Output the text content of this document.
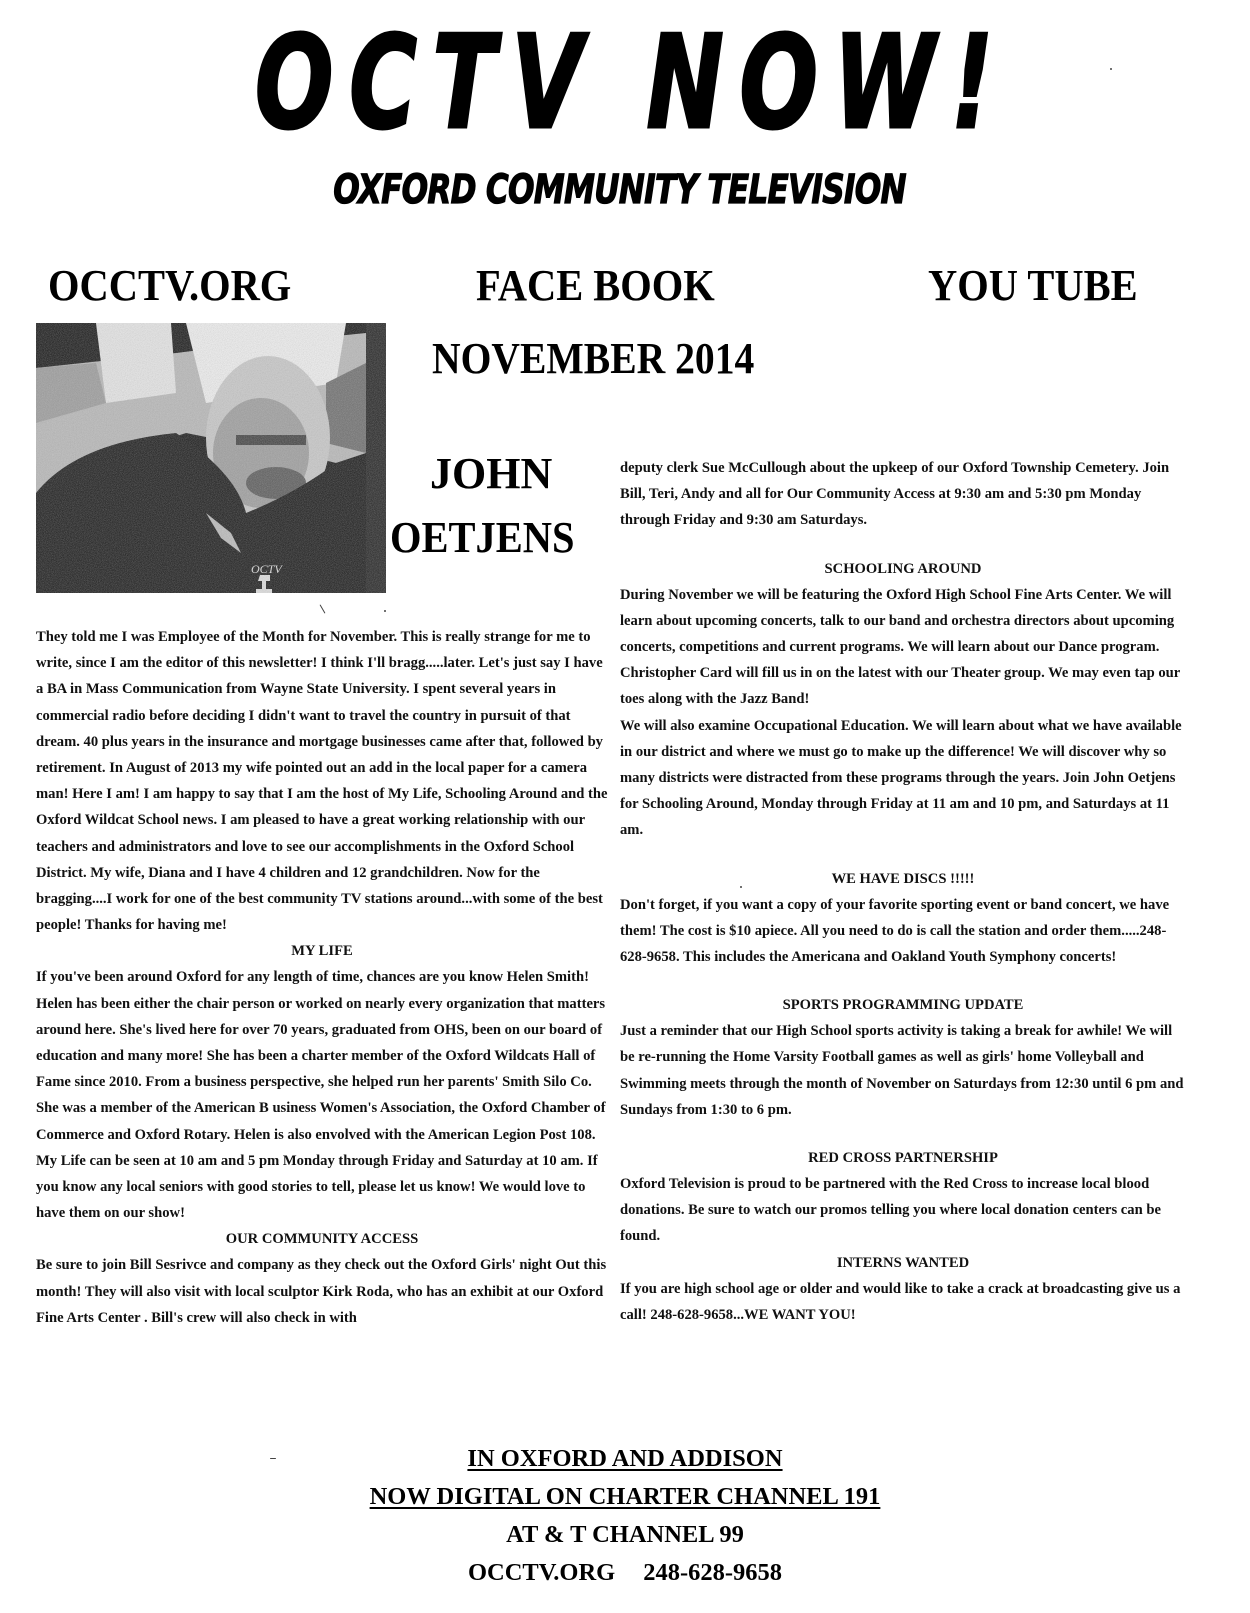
OCTV NOW!
OXFORD COMMUNITY TELEVISION
OCCTV.ORG	FACE BOOK	YOU TUBE
NOVEMBER 2014
JOHN
OETJENS

They told me I was Employee of the Month for November. This is really strange for me to write, since I am the editor of this newsletter! I think I'll bragg.....later. Let's just say I have a BA in Mass Communication from Wayne State University. I spent several years in commercial radio before deciding I didn't want to travel the country in pursuit of that dream. 40 plus years in the insurance and mortgage businesses came after that, followed by retirement. In August of 2013 my wife pointed out an add in the local paper for a camera man! Here I am! I am happy to say that I am the host of My Life, Schooling Around and the Oxford Wildcat School news. I am pleased to have a great working relationship with our teachers and administrators and love to see our accomplishments in the Oxford School District. My wife, Diana and I have 4 children and 12 grandchildren. Now for the bragging....I work for one of the best community TV stations around...with some of the best people! Thanks for having me!

MY LIFE

If you've been around Oxford for any length of time, chances are you know Helen Smith! Helen has been either the chair person or worked on nearly every organization that matters around here. She's lived here for over 70 years, graduated from OHS, been on our board of education and many more! She has been a charter member of the Oxford Wildcats Hall of Fame since 2010. From a business perspective, she helped run her parents' Smith Silo Co. She was a member of the American B usiness Women's Association, the Oxford Chamber of Commerce and Oxford Rotary. Helen is also envolved with the American Legion Post 108. My Life can be seen at 10 am and 5 pm Monday through Friday and Saturday at 10 am. If you know any local seniors with good stories to tell, please let us know! We would love to have them on our show!

OUR COMMUNITY ACCESS

Be sure to join Bill Sesrivce and company as they check out the Oxford Girls' night Out this month! They will also visit with local sculptor Kirk Roda, who has an exhibit at our Oxford Fine Arts Center . Bill's crew will also check in with

deputy clerk Sue McCullough about the upkeep of our Oxford Township Cemetery. Join Bill, Teri, Andy and all for Our Community Access at 9:30 am and 5:30 pm Monday through Friday and 9:30 am Saturdays.

SCHOOLING AROUND

During November we will be featuring the Oxford High School Fine Arts Center. We will learn about upcoming concerts, talk to our band and orchestra directors about upcoming concerts, competitions and current programs. We will learn about our Dance program. Christopher Card will fill us in on the latest with our Theater group. We may even tap our toes along with the Jazz Band!

We will also examine Occupational Education. We will learn about what we have available in our district and where we must go to make up the difference! We will discover why so many districts were distracted from these programs through the years. Join John Oetjens for Schooling Around, Monday through Friday at 11 am and 10 pm, and Saturdays at 11 am.

WE HAVE DISCS !!!!!

Don't forget, if you want a copy of your favorite sporting event or band concert, we have them! The cost is $10 apiece. All you need to do is call the station and order them.....248-628-9658. This includes the Americana and Oakland Youth Symphony concerts!

SPORTS PROGRAMMING UPDATE

Just a reminder that our High School sports activity is taking a break for awhile! We will be re-running the Home Varsity Football games as well as girls' home Volleyball and Swimming meets through the month of November on Saturdays from 12:30 until 6 pm and Sundays from 1:30 to 6 pm.

RED CROSS PARTNERSHIP

Oxford Television is proud to be partnered with the Red Cross to increase local blood donations. Be sure to watch our promos telling you where local donation centers can be found.

INTERNS WANTED

If you are high school age or older and would like to take a crack at broadcasting give us a call! 248-628-9658...WE WANT YOU!

IN OXFORD AND ADDISON
NOW DIGITAL ON CHARTER CHANNEL 191
AT & T CHANNEL 99
OCCTV.ORG 248-628-9658
